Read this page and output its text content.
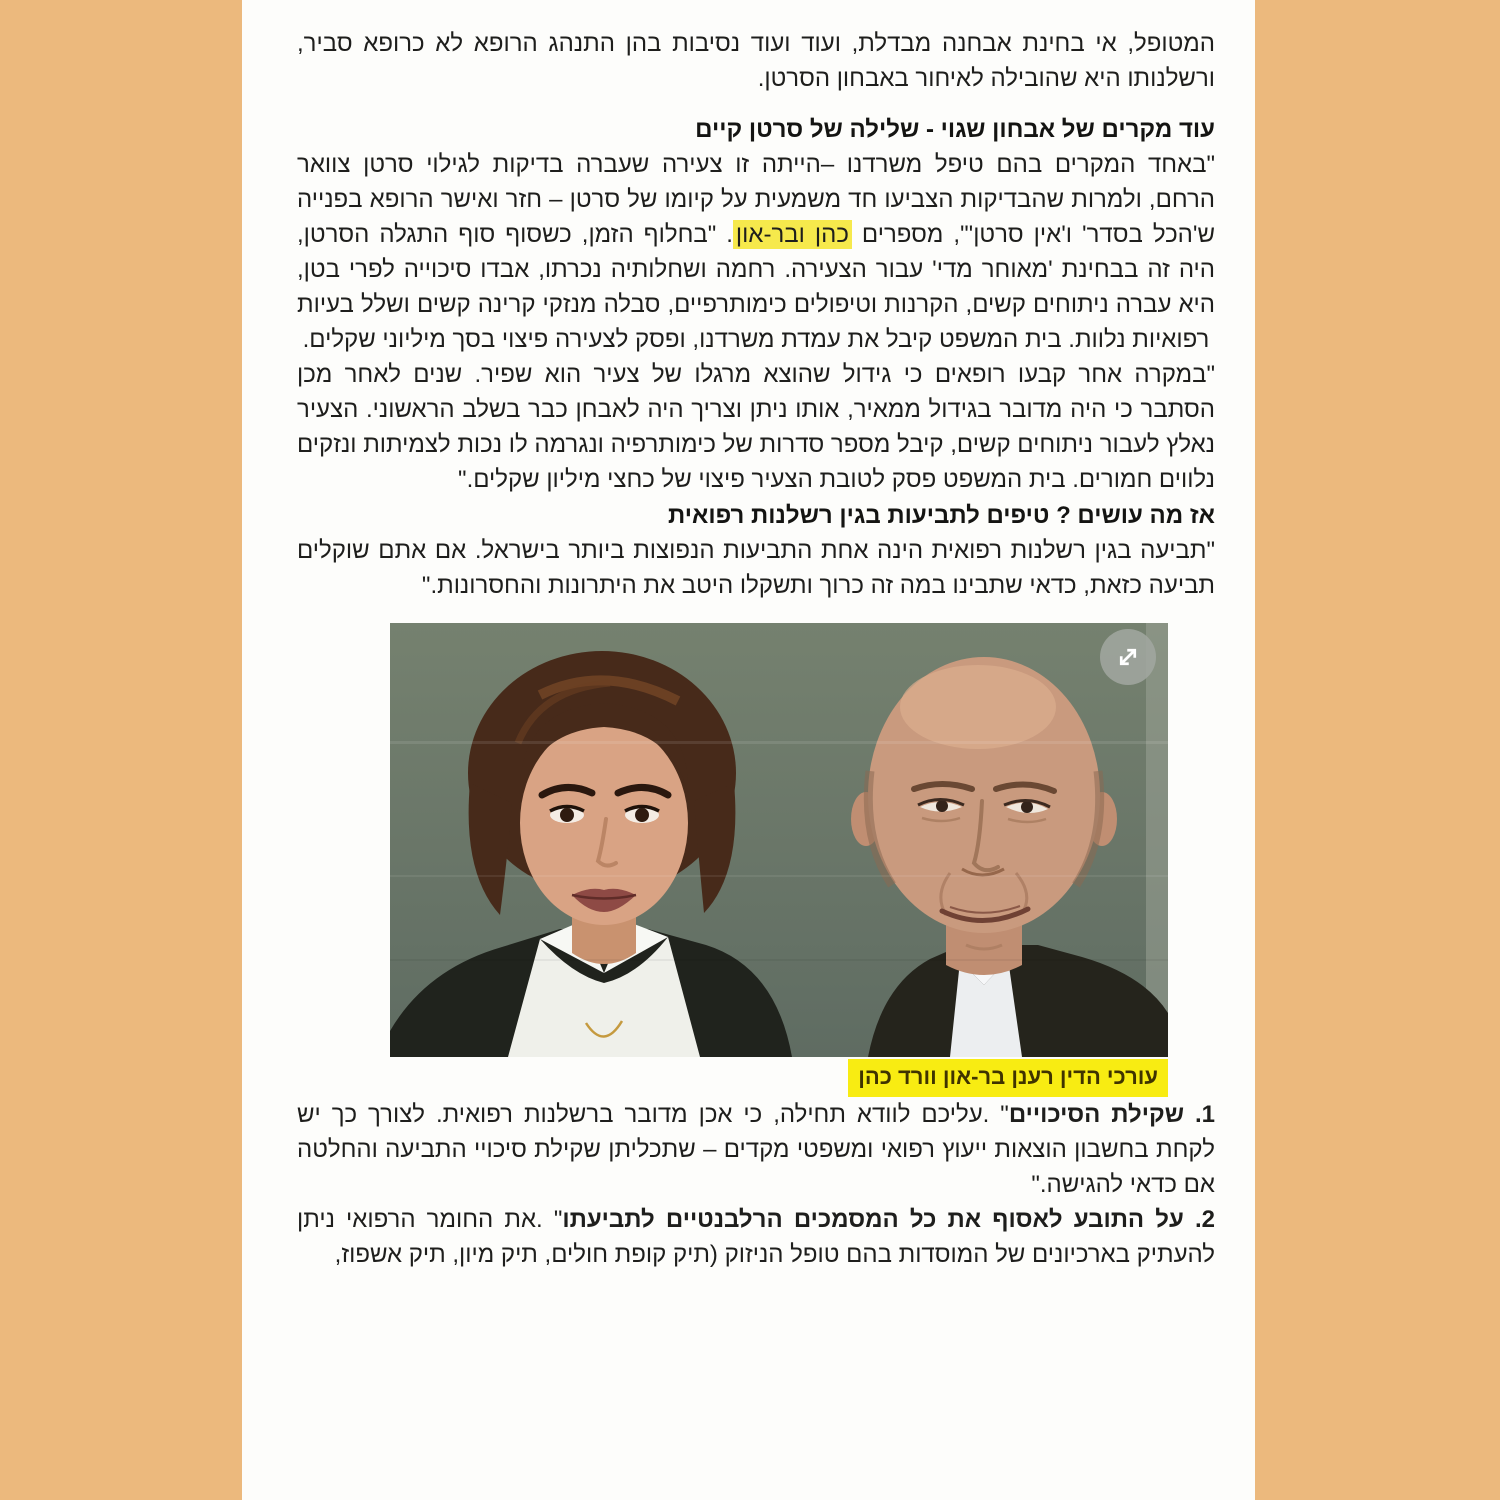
המטופל, אי בחינת אבחנה מבדלת, ועוד ועוד נסיבות בהן התנהג הרופא לא כרופא סביר, ורשלנותו היא שהובילה לאיחור באבחון הסרטן.

עוד מקרים של אבחון שגוי - שלילה של סרטן קיים

"באחד המקרים בהם טיפל משרדנו –הייתה זו צעירה שעברה בדיקות לגילוי סרטן צוואר הרחם, ולמרות שהבדיקות הצביעו חד משמעית על קיומו של סרטן – חזר ואישר הרופא בפנייה ש'הכל בסדר' ו'אין סרטן'", מספרים כהן ובר-און. "בחלוף הזמן, כשסוף סוף התגלה הסרטן, היה זה בבחינת 'מאוחר מדי' עבור הצעירה. רחמה ושחלותיה נכרתו, אבדו סיכוייה לפרי בטן, היא עברה ניתוחים קשים, הקרנות וטיפולים כימותרפיים, סבלה מנזקי קרינה קשים ושלל בעיות רפואיות נלוות. בית המשפט קיבל את עמדת משרדנו, ופסק לצעירה פיצוי בסך מיליוני שקלים.

"במקרה אחר קבעו רופאים כי גידול שהוצא מרגלו של צעיר הוא שפיר. שנים לאחר מכן הסתבר כי היה מדובר בגידול ממאיר, אותו ניתן וצריך היה לאבחן כבר בשלב הראשוני. הצעיר נאלץ לעבור ניתוחים קשים, קיבל מספר סדרות של כימותרפיה ונגרמה לו נכות לצמיתות ונזקים נלווים חמורים. בית המשפט פסק לטובת הצעיר פיצוי של כחצי מיליון שקלים."

אז מה עושים ? טיפים לתביעות בגין רשלנות רפואית

"תביעה בגין רשלנות רפואית הינה אחת התביעות הנפוצות ביותר בישראל. אם אתם שוקלים תביעה כזאת, כדאי שתבינו במה זה כרוך ותשקלו היטב את היתרונות והחסרונות."

עורכי הדין רענן בר-און וורד כהן

1. שקילת הסיכויים" .עליכם לוודא תחילה, כי אכן מדובר ברשלנות רפואית. לצורך כך יש לקחת בחשבון הוצאות ייעוץ רפואי ומשפטי מקדים – שתכליתן שקילת סיכויי התביעה והחלטה אם כדאי להגישה."

2. על התובע לאסוף את כל המסמכים הרלבנטיים לתביעתו" .את החומר הרפואי ניתן להעתיק בארכיונים של המוסדות בהם טופל הניזוק (תיק קופת חולים, תיק מיון, תיק אשפוז,
